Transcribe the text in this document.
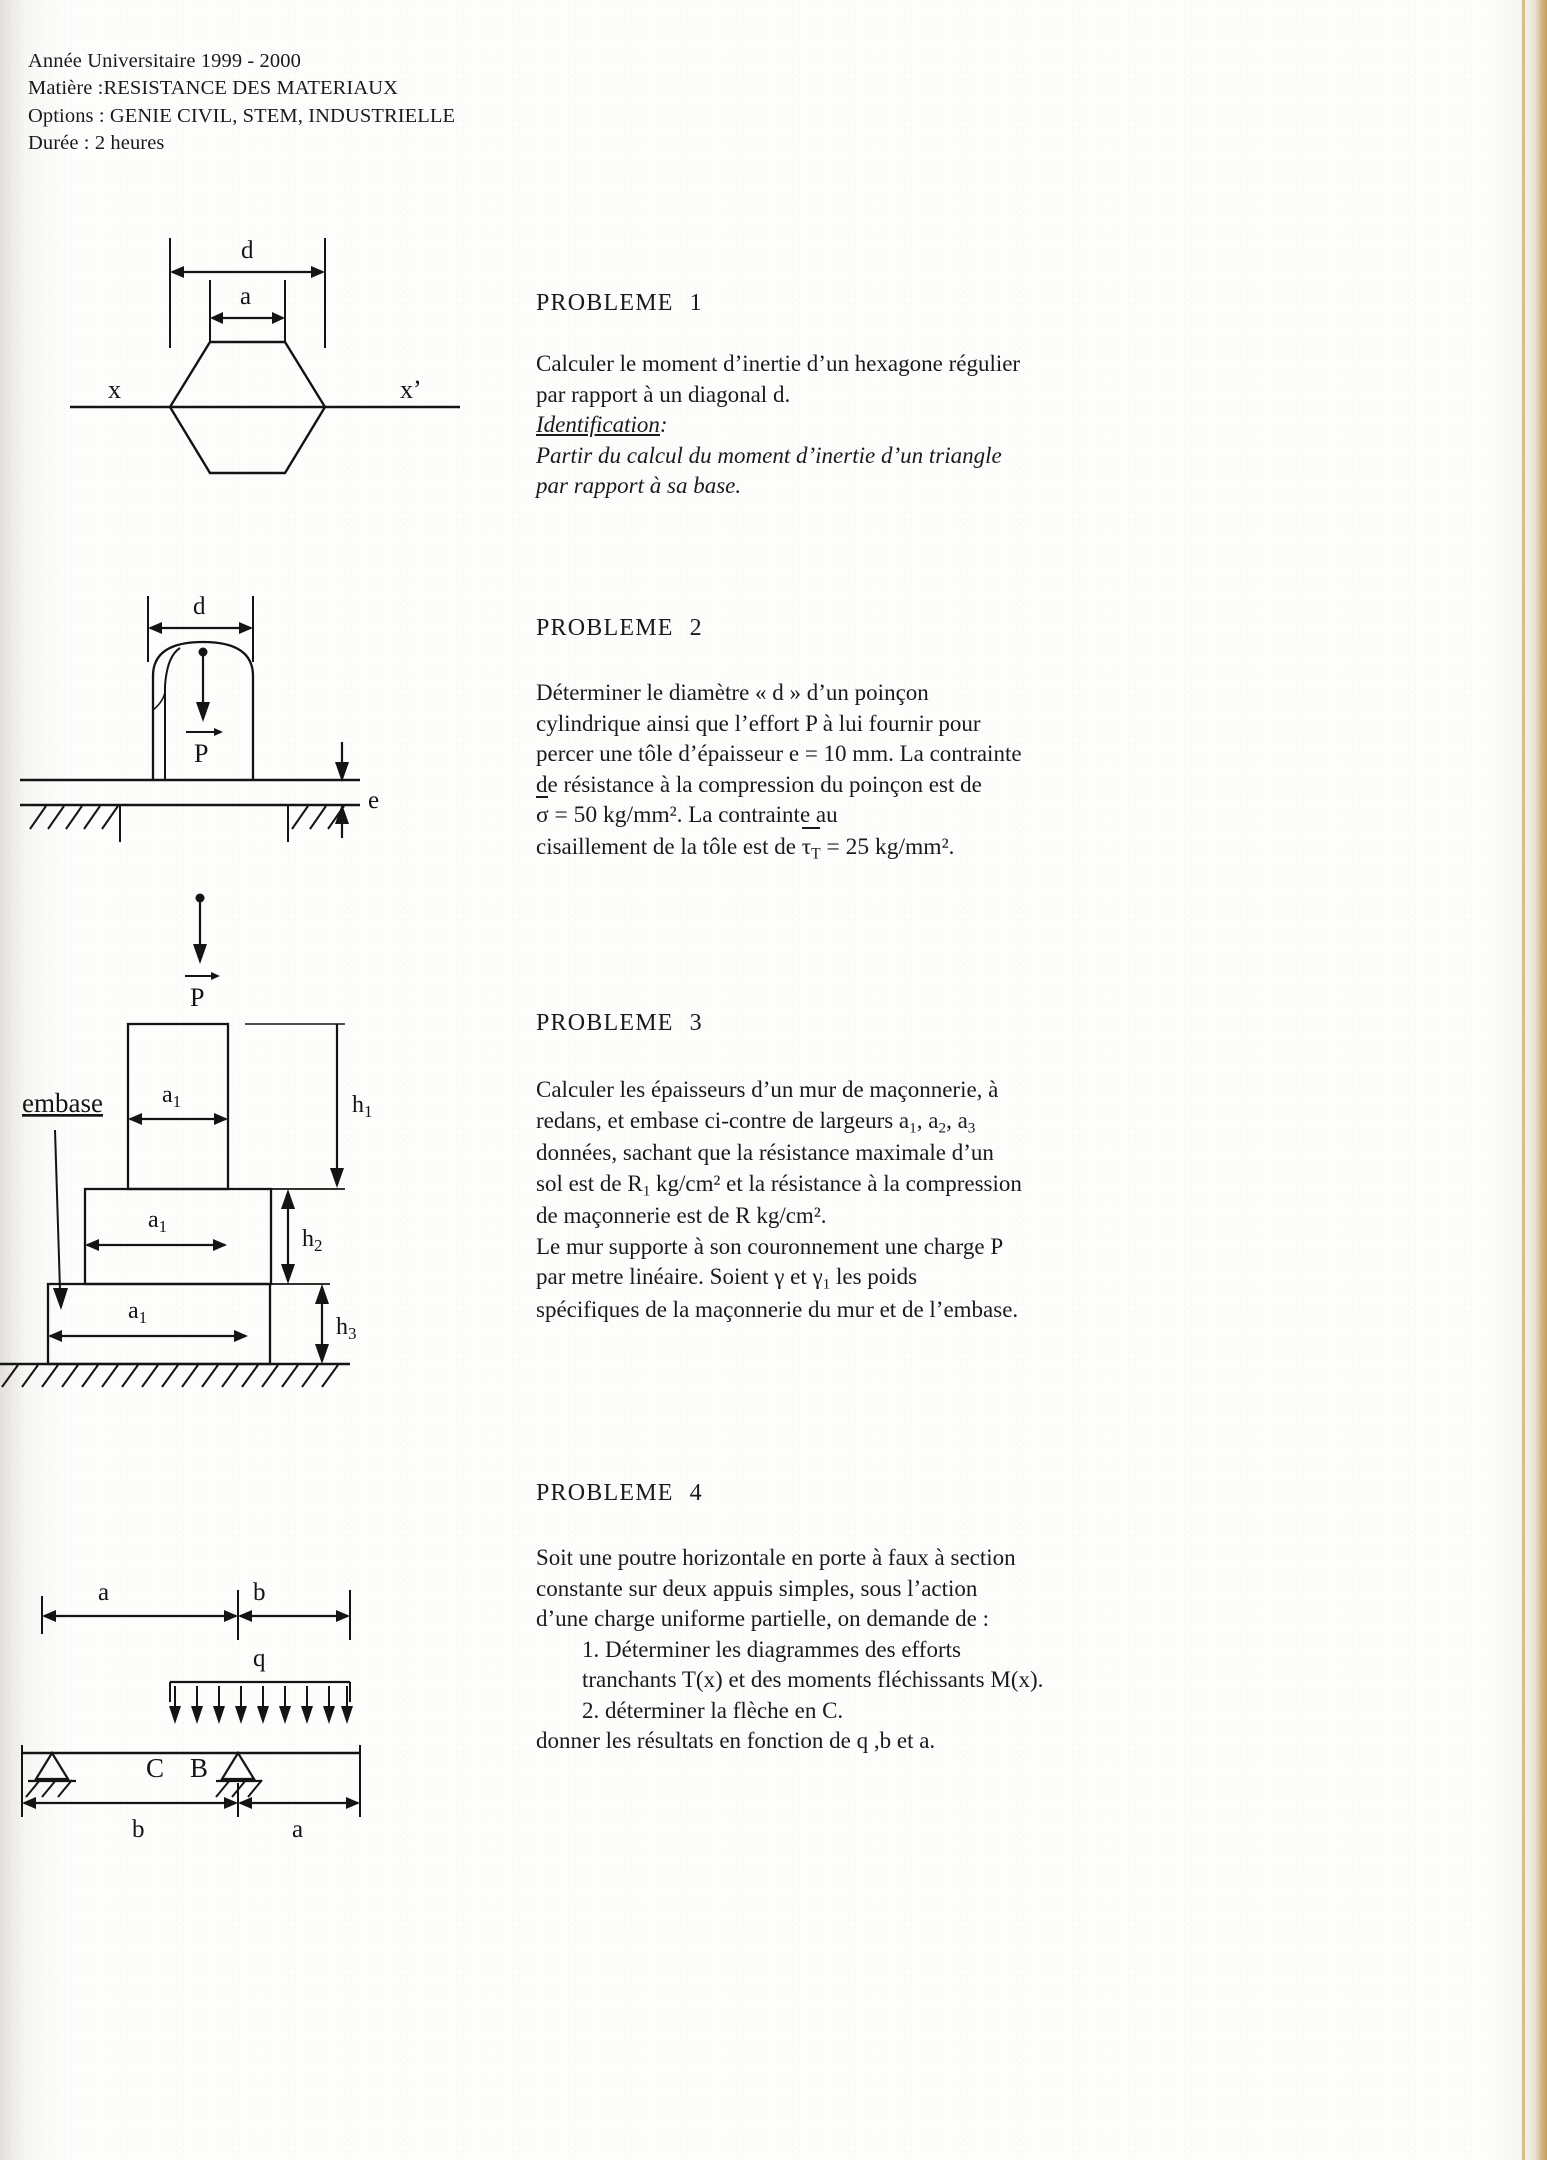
Année Universitaire 1999 - 2000
Matière :RESISTANCE DES MATERIAUX
Options : GENIE CIVIL, STEM, INDUSTRIELLE
Durée : 2 heures
d
a
x	x’
d
P
e
P
$a_1$
$a_1$
$a_1$
$h_1$
$h_2$
$h_3$
embase
a	b
q
C B
b	a
PROBLEME 1
Calculer le moment d’inertie d’un hexagone régulier
par rapport à un diagonal d.
Identification:
Partir du calcul du moment d’inertie d’un triangle
par rapport à sa base.
PROBLEME 2
Déterminer le diamètre « d » d’un poinçon
cylindrique ainsi que l’effort P à lui fournir pour
percer une tôle d’épaisseur e = 10 mm. La contrainte
de résistance à la compression du poinçon est de
σ = 50 kg/mm². La contrainte au
cisaillement de la tôle est de $\tau_T = 25$ kg/mm².
PROBLEME 3
Calculer les épaisseurs d’un mur de maçonnerie, à
redans, et embase ci-contre de largeurs $a_1$, $a_2$, $a_3$
données, sachant que la résistance maximale d’un
sol est de $R_1$ kg/cm² et la résistance à la compression
de maçonnerie est de R kg/cm².
Le mur supporte à son couronnement une charge P
par metre linéaire. Soient γ et $\gamma_1$ les poids
spécifiques de la maçonnerie du mur et de l’embase.
PROBLEME 4
Soit une poutre horizontale en porte à faux à section
constante sur deux appuis simples, sous l’action
d’une charge uniforme partielle, on demande de :

1. Déterminer les diagrammes des efforts
tranchants T(x) et des moments fléchissants M(x).
2. déterminer la flèche en C.
donner les résultats en fonction de q ,b et a.
